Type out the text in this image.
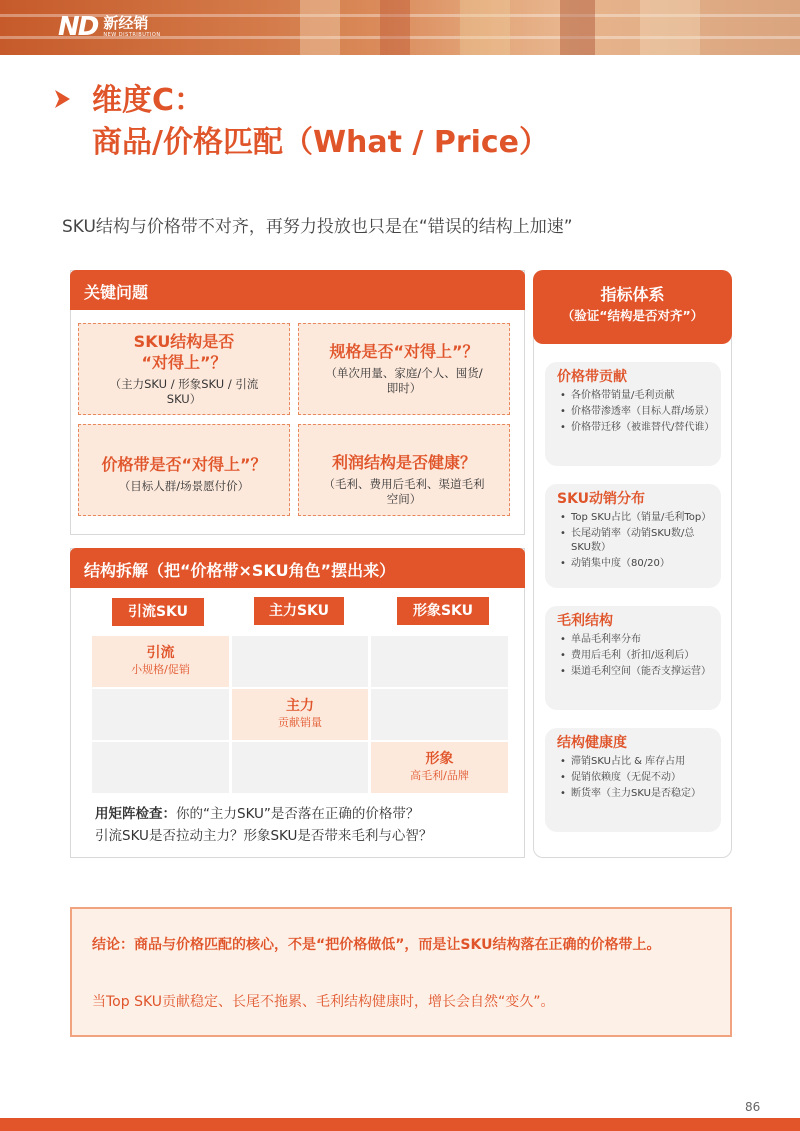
ND 新经销
NEW DISTRIBUTION
维度C：
商品/价格匹配（What / Price）
SKU结构与价格带不对齐，再努力投放也只是在“错误的结构上加速”
关键问题
SKU结构是否
“对得上”？
（主力SKU / 形象SKU / 引流
SKU）
规格是否“对得上”？
（单次用量、家庭/个人、囤货/
即时）
价格带是否“对得上”？
（目标人群/场景愿付价）
利润结构是否健康？
（毛利、费用后毛利、渠道毛利
空间）
结构拆解（把“价格带×SKU角色”摆出来）
引流SKU	主力SKU	形象SKU
引流
小规格/促销
主力
贡献销量
形象
高毛利/品牌
用矩阵检查：你的“主力SKU”是否落在正确的价格带？
引流SKU是否拉动主力？形象SKU是否带来毛利与心智？
指标体系
（验证“结构是否对齐”）
价格带贡献
• 各价格带销量/毛利贡献
• 价格带渗透率（目标人群/场景）
• 价格带迁移（被谁替代/替代谁）
SKU动销分布
• Top SKU占比（销量/毛利Top）
• 长尾动销率（动销SKU数/总SKU数）
• 动销集中度（80/20）
毛利结构
• 单品毛利率分布
• 费用后毛利（折扣/返利后）
• 渠道毛利空间（能否支撑运营）
结构健康度
• 滞销SKU占比 & 库存占用
• 促销依赖度（无促不动）
• 断货率（主力SKU是否稳定）
结论：商品与价格匹配的核心，不是“把价格做低”，而是让SKU结构落在正确的价格带上。
当Top SKU贡献稳定、长尾不拖累、毛利结构健康时，增长会自然“变久”。
86
